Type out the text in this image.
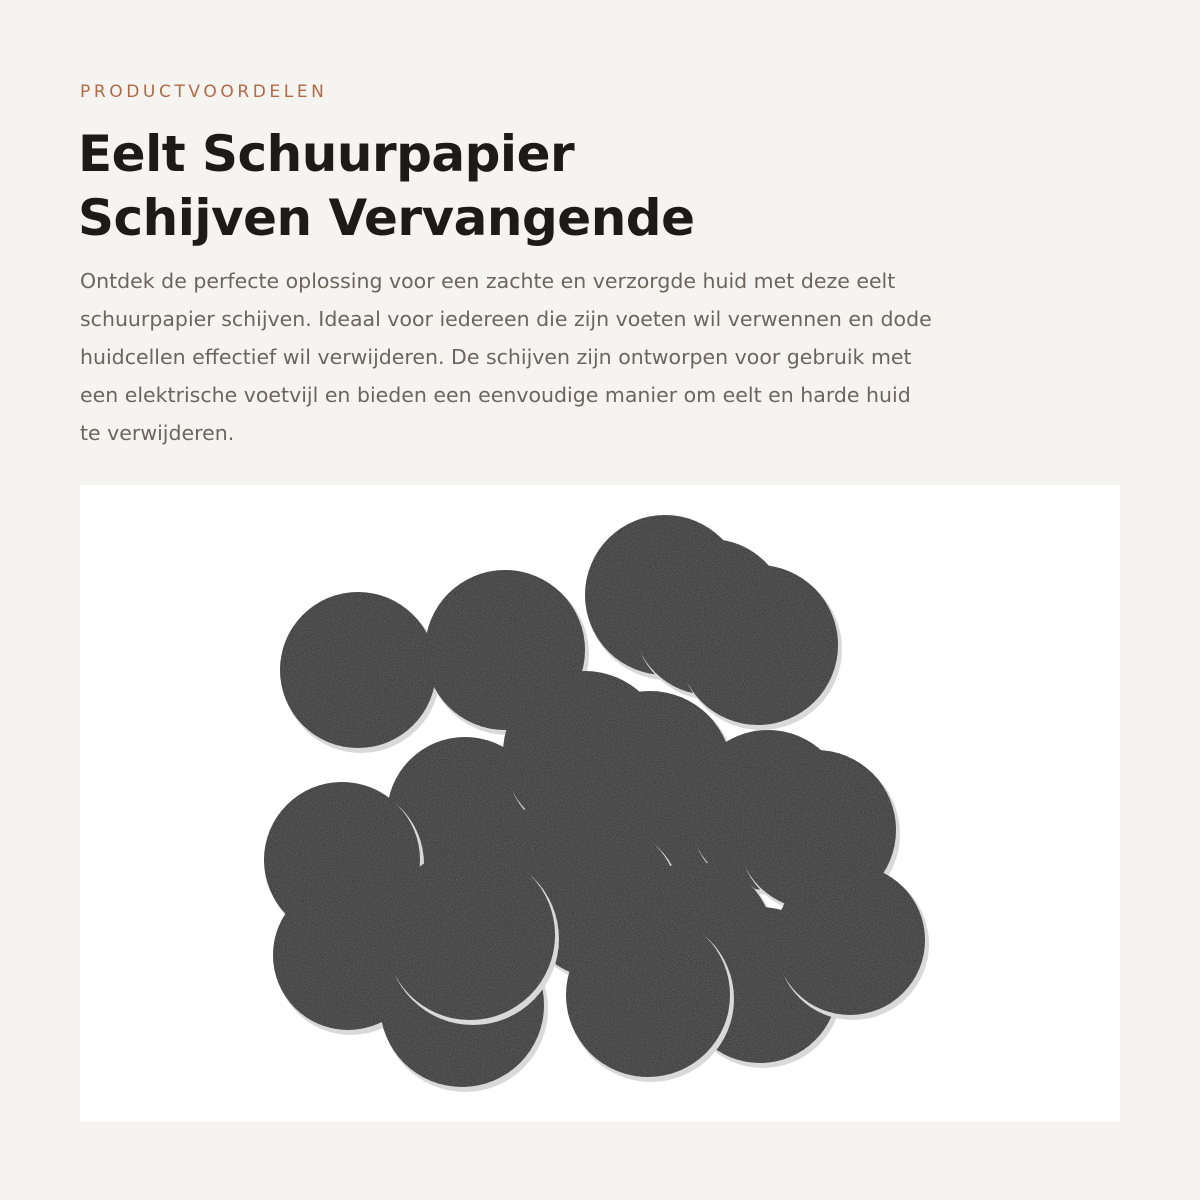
PRODUCTVOORDELEN
Eelt Schuurpapier
Schijven Vervangende

Ontdek de perfecte oplossing voor een zachte en verzorgde huid met deze eelt
schuurpapier schijven. Ideaal voor iedereen die zijn voeten wil verwennen en dode
huidcellen effectief wil verwijderen. De schijven zijn ontworpen voor gebruik met
een elektrische voetvijl en bieden een eenvoudige manier om eelt en harde huid
te verwijderen.
